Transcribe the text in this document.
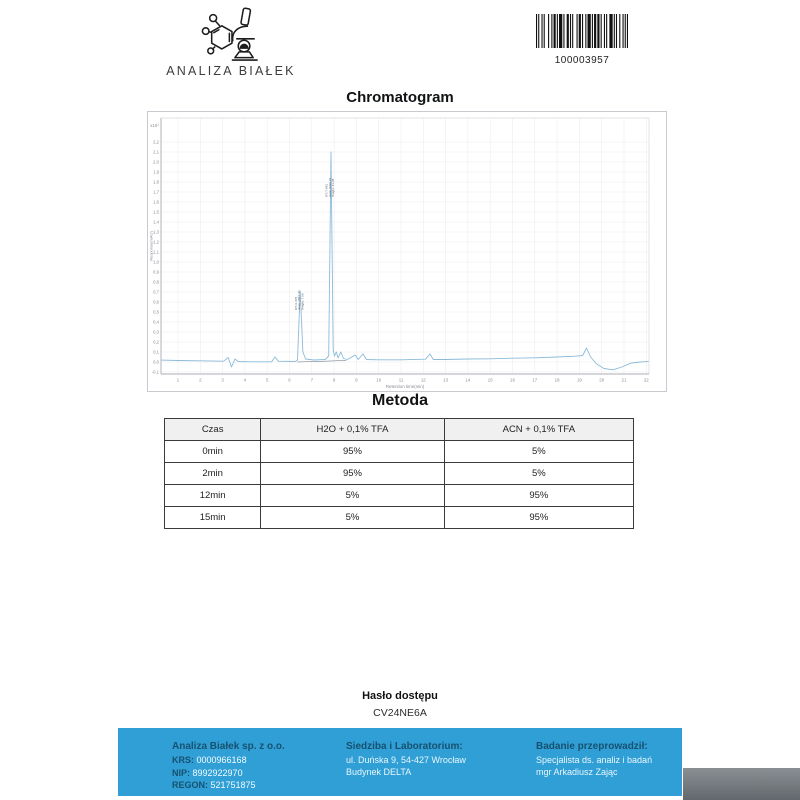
ANALIZA BIAŁEK
100003957
Chromatogram
-0,1
0,0
0,1
0,2
0,3
0,4
0,5
0,6
0,7
0,8
0,9
1,0
1,1
1,2
1,3
1,4
1,5
1,6
1,7
1,8
1,9
2,0
2,1
2,2
1	2	3	4	5	6	7	8	9	10	11	12	13	14	15	16	17	18	19	20	21	22
RT: 6.478 Area: 1822.40 Height: 7.06
RT: 7.861 Area: 5391.21 Height: 21.05
Response(mAU)
Retention time(min)
$x10^1$
Metoda
Czas	H2O + 0,1% TFA	ACN + 0,1% TFA
0min	95%	5%
2min	95%	5%
12min	5%	95%
15min	5%	95%
Hasło dostępu
CV24NE6A
Analiza Białek sp. z o.o.
KRS: 0000966168
NIP: 8992922970
REGON: 521751875
Siedziba i Laboratorium:
ul. Duńska 9, 54-427 Wrocław
Budynek DELTA
Badanie przeprowadził:
Specjalista ds. analiz i badań
mgr Arkadiusz Zając
